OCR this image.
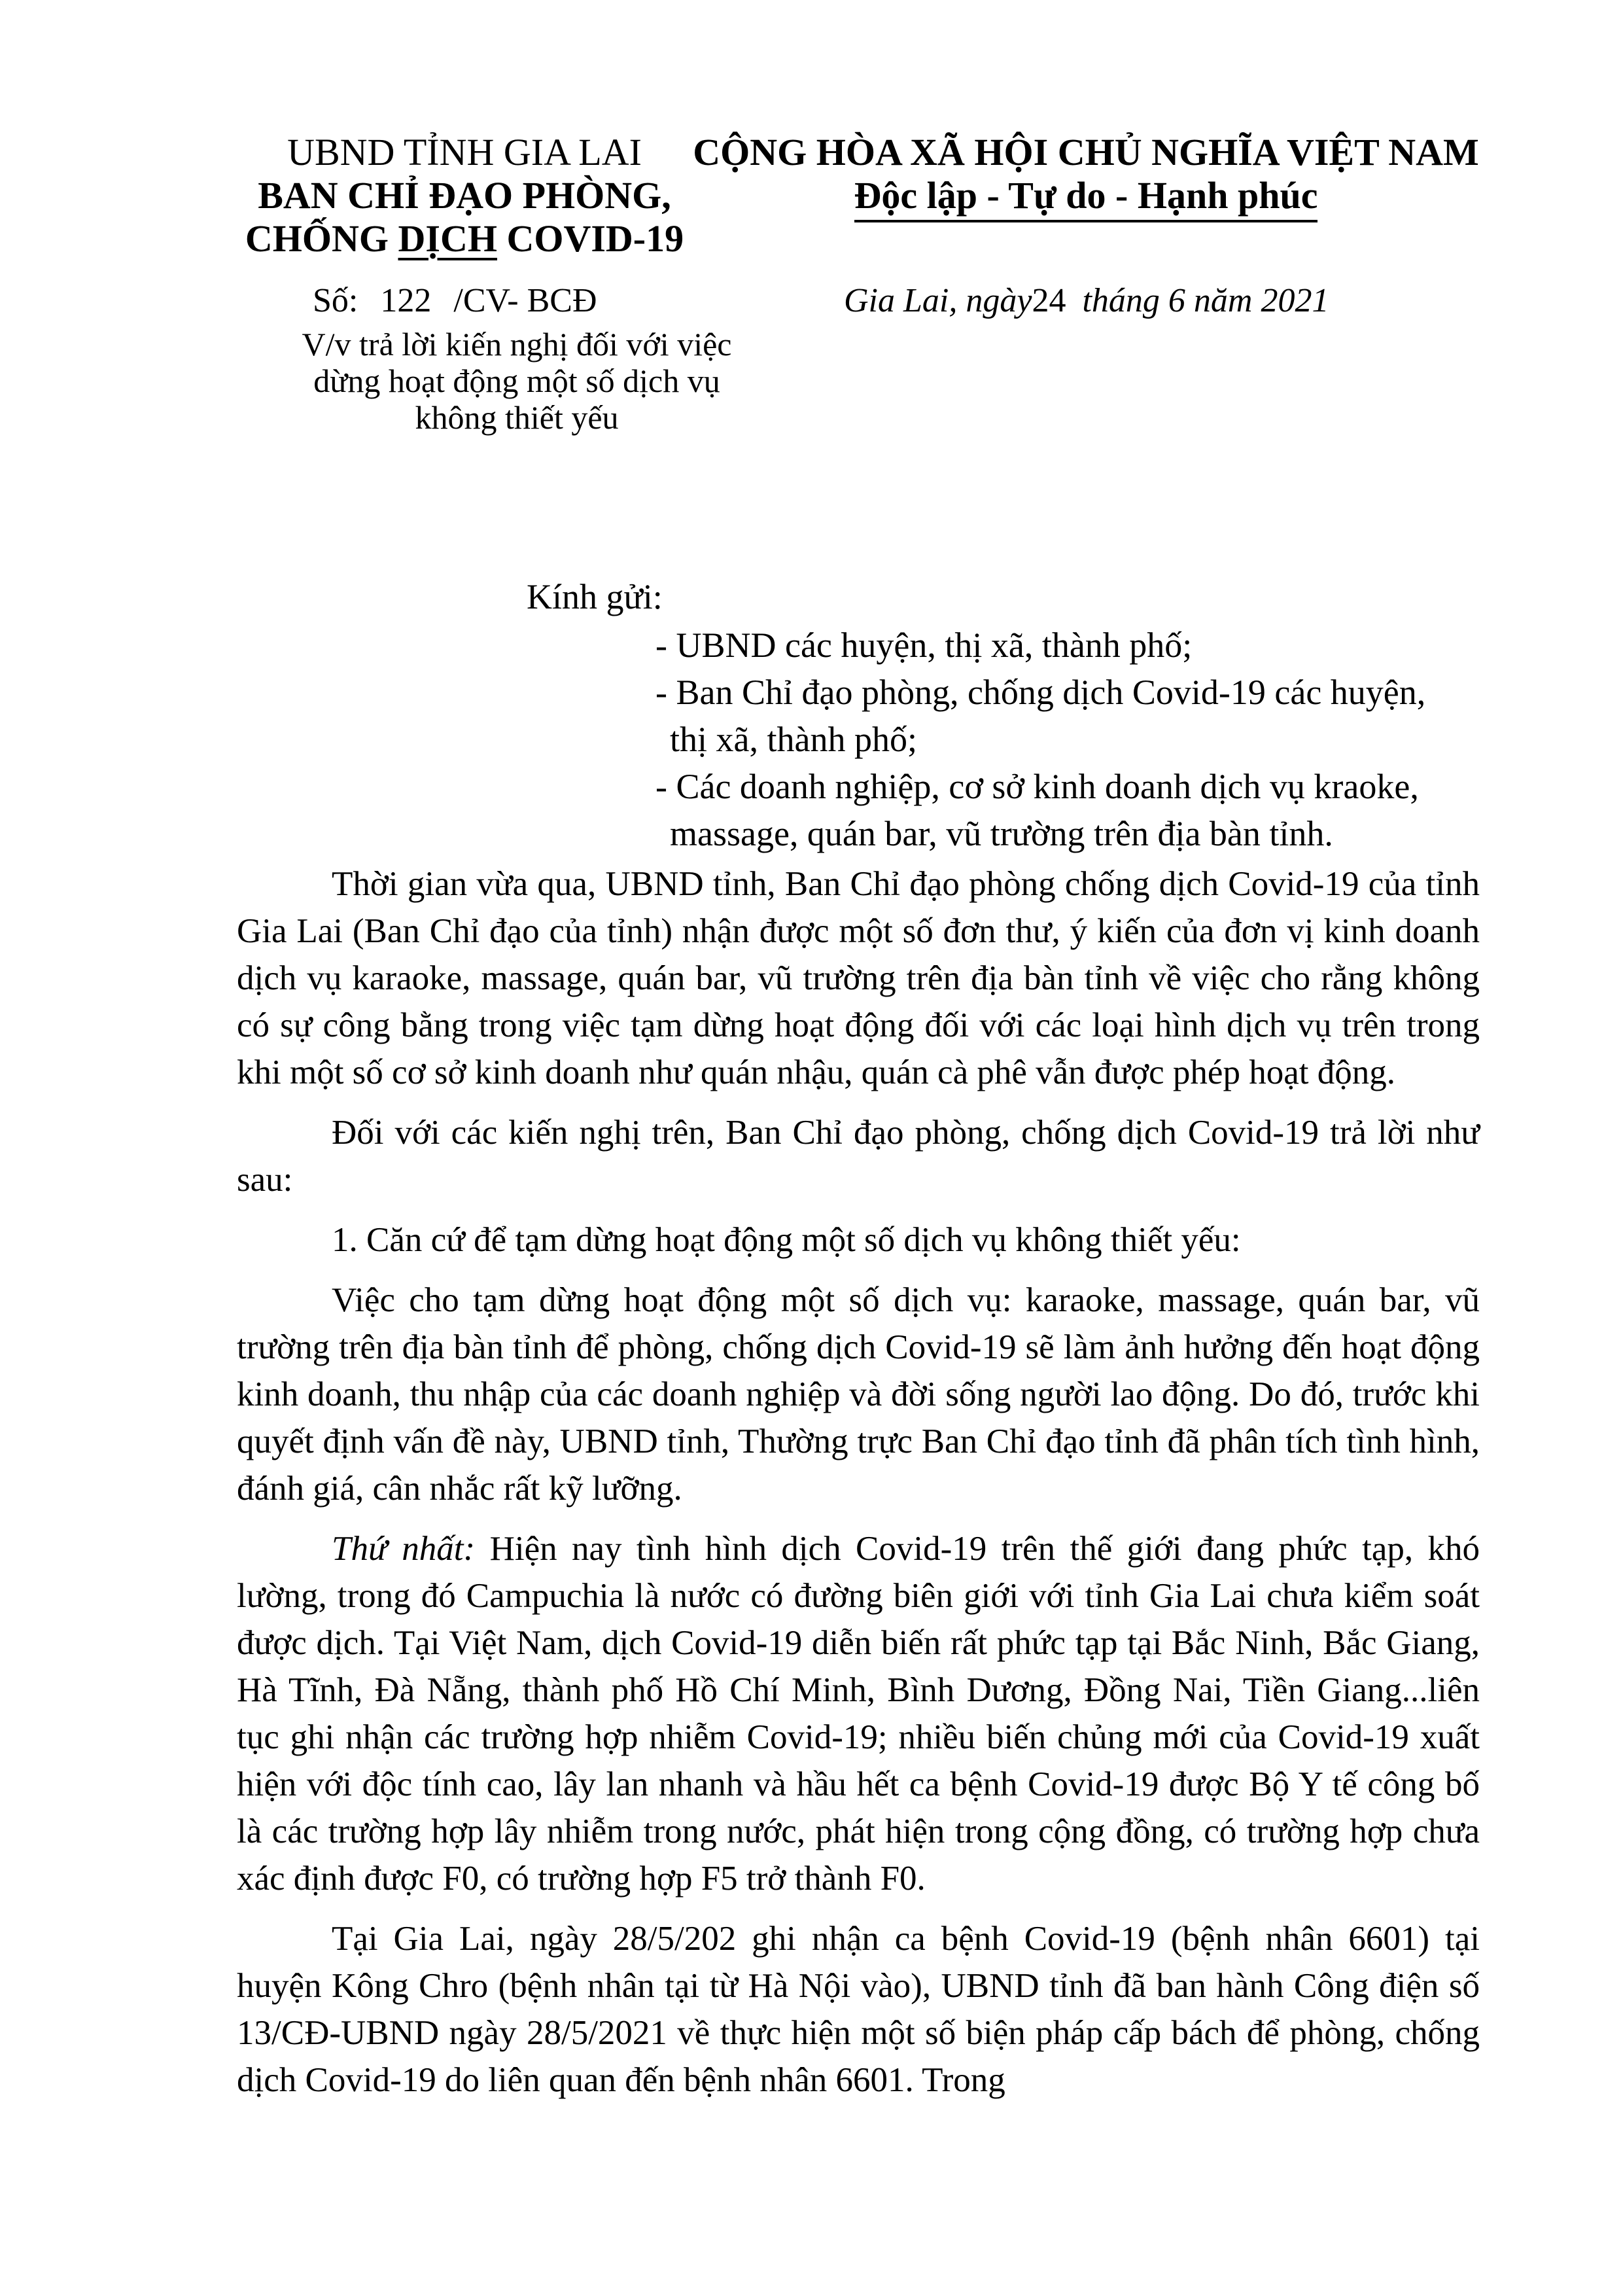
UBND TỈNH GIA LAI
BAN CHỈ ĐẠO PHÒNG,
CHỐNG DỊCH COVID-19
CỘNG HÒA XÃ HỘI CHỦ NGHĨA VIỆT NAM
Độc lập - Tự do - Hạnh phúc
Số: 122 /CV- BCĐ
V/v trả lời kiến nghị đối với việc
dừng hoạt động một số dịch vụ
không thiết yếu
Gia Lai, ngày24 tháng 6 năm 2021
Kính gửi:
- UBND các huyện, thị xã, thành phố;
- Ban Chỉ đạo phòng, chống dịch Covid-19 các huyện,
thị xã, thành phố;
- Các doanh nghiệp, cơ sở kinh doanh dịch vụ kraoke,
massage, quán bar, vũ trường trên địa bàn tỉnh.

Thời gian vừa qua, UBND tỉnh, Ban Chỉ đạo phòng chống dịch Covid-19 của tỉnh Gia Lai (Ban Chỉ đạo của tỉnh) nhận được một số đơn thư, ý kiến của đơn vị kinh doanh dịch vụ karaoke, massage, quán bar, vũ trường trên địa bàn tỉnh về việc cho rằng không có sự công bằng trong việc tạm dừng hoạt động đối với các loại hình dịch vụ trên trong khi một số cơ sở kinh doanh như quán nhậu, quán cà phê vẫn được phép hoạt động.

Đối với các kiến nghị trên, Ban Chỉ đạo phòng, chống dịch Covid-19 trả lời như sau:

1. Căn cứ để tạm dừng hoạt động một số dịch vụ không thiết yếu:

Việc cho tạm dừng hoạt động một số dịch vụ: karaoke, massage, quán bar, vũ trường trên địa bàn tỉnh để phòng, chống dịch Covid-19 sẽ làm ảnh hưởng đến hoạt động kinh doanh, thu nhập của các doanh nghiệp và đời sống người lao động. Do đó, trước khi quyết định vấn đề này, UBND tỉnh, Thường trực Ban Chỉ đạo tỉnh đã phân tích tình hình, đánh giá, cân nhắc rất kỹ lưỡng.

Thứ nhất: Hiện nay tình hình dịch Covid-19 trên thế giới đang phức tạp, khó lường, trong đó Campuchia là nước có đường biên giới với tỉnh Gia Lai chưa kiểm soát được dịch. Tại Việt Nam, dịch Covid-19 diễn biến rất phức tạp tại Bắc Ninh, Bắc Giang, Hà Tĩnh, Đà Nẵng, thành phố Hồ Chí Minh, Bình Dương, Đồng Nai, Tiền Giang...liên tục ghi nhận các trường hợp nhiễm Covid-19; nhiều biến chủng mới của Covid-19 xuất hiện với độc tính cao, lây lan nhanh và hầu hết ca bệnh Covid-19 được Bộ Y tế công bố là các trường hợp lây nhiễm trong nước, phát hiện trong cộng đồng, có trường hợp chưa xác định được F0, có trường hợp F5 trở thành F0.

Tại Gia Lai, ngày 28/5/202 ghi nhận ca bệnh Covid-19 (bệnh nhân 6601) tại huyện Kông Chro (bệnh nhân tại từ Hà Nội vào), UBND tỉnh đã ban hành Công điện số 13/CĐ-UBND ngày 28/5/2021 về thực hiện một số biện pháp cấp bách để phòng, chống dịch Covid-19 do liên quan đến bệnh nhân 6601. Trong
